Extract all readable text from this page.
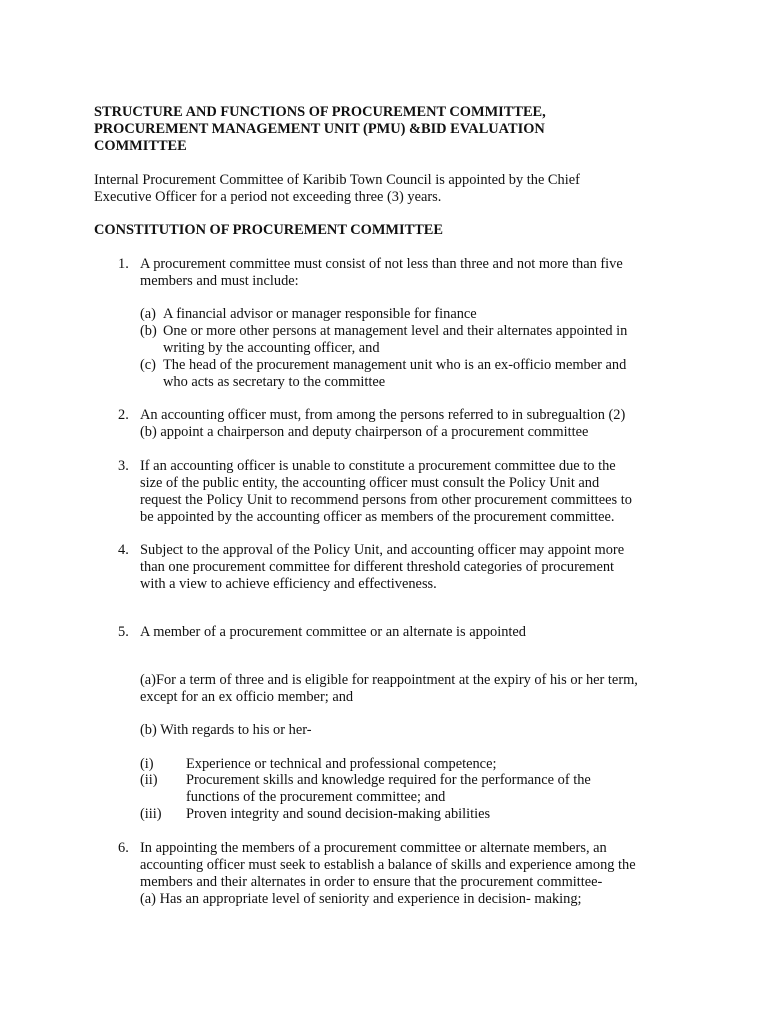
STRUCTURE AND FUNCTIONS OF PROCUREMENT COMMITTEE,
PROCUREMENT MANAGEMENT UNIT (PMU) &BID EVALUATION
COMMITTEE
Internal Procurement Committee of Karibib Town Council is appointed by the Chief
Executive Officer for a period not exceeding three (3) years.
CONSTITUTION OF PROCUREMENT COMMITTEE
1. A procurement committee must consist of not less than three and not more than five
members and must include:
(a) A financial advisor or manager responsible for finance
(b) One or more other persons at management level and their alternates appointed in
writing by the accounting officer, and
(c) The head of the procurement management unit who is an ex-officio member and
who acts as secretary to the committee
2. An accounting officer must, from among the persons referred to in subregualtion (2)
(b) appoint a chairperson and deputy chairperson of a procurement committee
3. If an accounting officer is unable to constitute a procurement committee due to the
size of the public entity, the accounting officer must consult the Policy Unit and
request the Policy Unit to recommend persons from other procurement committees to
be appointed by the accounting officer as members of the procurement committee.
4. Subject to the approval of the Policy Unit, and accounting officer may appoint more
than one procurement committee for different threshold categories of procurement
with a view to achieve efficiency and effectiveness.
5. A member of a procurement committee or an alternate is appointed
(a)For a term of three and is eligible for reappointment at the expiry of his or her term,
except for an ex officio member; and
(b) With regards to his or her-
(i) Experience or technical and professional competence;
(ii) Procurement skills and knowledge required for the performance of the
functions of the procurement committee; and
(iii) Proven integrity and sound decision-making abilities
6. In appointing the members of a procurement committee or alternate members, an
accounting officer must seek to establish a balance of skills and experience among the
members and their alternates in order to ensure that the procurement committee-
(a) Has an appropriate level of seniority and experience in decision- making;
